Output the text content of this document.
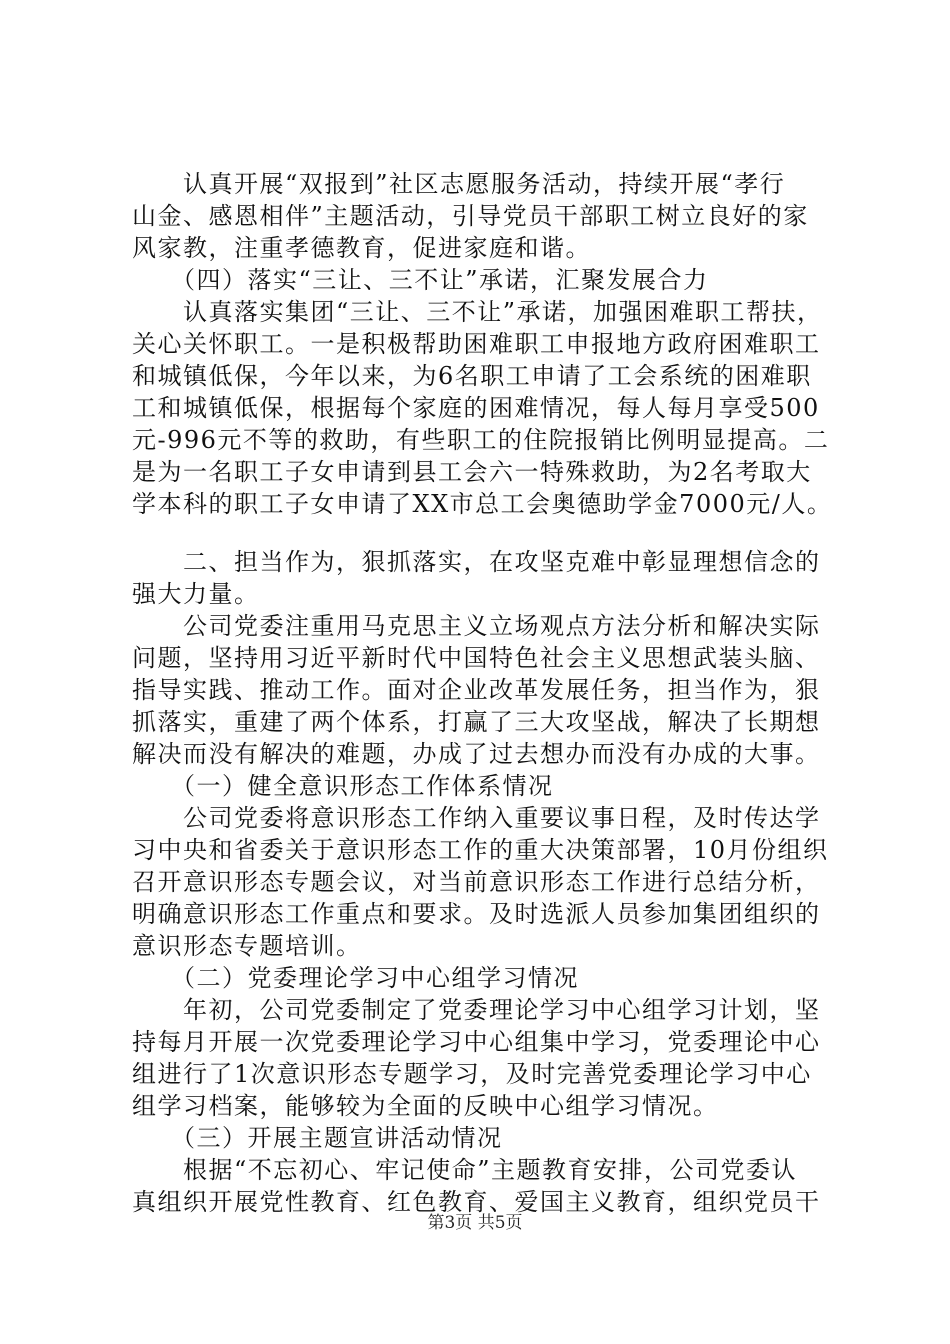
　　认真开展“双报到”社区志愿服务活动，持续开展“孝行
山金、感恩相伴”主题活动，引导党员干部职工树立良好的家
风家教，注重孝德教育，促进家庭和谐。
　　（四）落实“三让、三不让”承诺，汇聚发展合力
　　认真落实集团“三让、三不让”承诺，加强困难职工帮扶，
关心关怀职工。一是积极帮助困难职工申报地方政府困难职工
和城镇低保，今年以来，为6名职工申请了工会系统的困难职
工和城镇低保，根据每个家庭的困难情况，每人每月享受500
元-996元不等的救助，有些职工的住院报销比例明显提高。二
是为一名职工子女申请到县工会六一特殊救助，为2名考取大
学本科的职工子女申请了XX市总工会奥德助学金7000元/人。
　　二、担当作为，狠抓落实，在攻坚克难中彰显理想信念的
强大力量。
　　公司党委注重用马克思主义立场观点方法分析和解决实际
问题，坚持用习近平新时代中国特色社会主义思想武装头脑、
指导实践、推动工作。面对企业改革发展任务，担当作为，狠
抓落实，重建了两个体系，打赢了三大攻坚战，解决了长期想
解决而没有解决的难题，办成了过去想办而没有办成的大事。
　　（一）健全意识形态工作体系情况
　　公司党委将意识形态工作纳入重要议事日程，及时传达学
习中央和省委关于意识形态工作的重大决策部署，10月份组织
召开意识形态专题会议，对当前意识形态工作进行总结分析，
明确意识形态工作重点和要求。及时选派人员参加集团组织的
意识形态专题培训。
　　（二）党委理论学习中心组学习情况
　　年初，公司党委制定了党委理论学习中心组学习计划，坚
持每月开展一次党委理论学习中心组集中学习，党委理论中心
组进行了1次意识形态专题学习，及时完善党委理论学习中心
组学习档案，能够较为全面的反映中心组学习情况。
　　（三）开展主题宣讲活动情况
　　根据“不忘初心、牢记使命”主题教育安排，公司党委认
真组织开展党性教育、红色教育、爱国主义教育，组织党员干
第3页 共5页
